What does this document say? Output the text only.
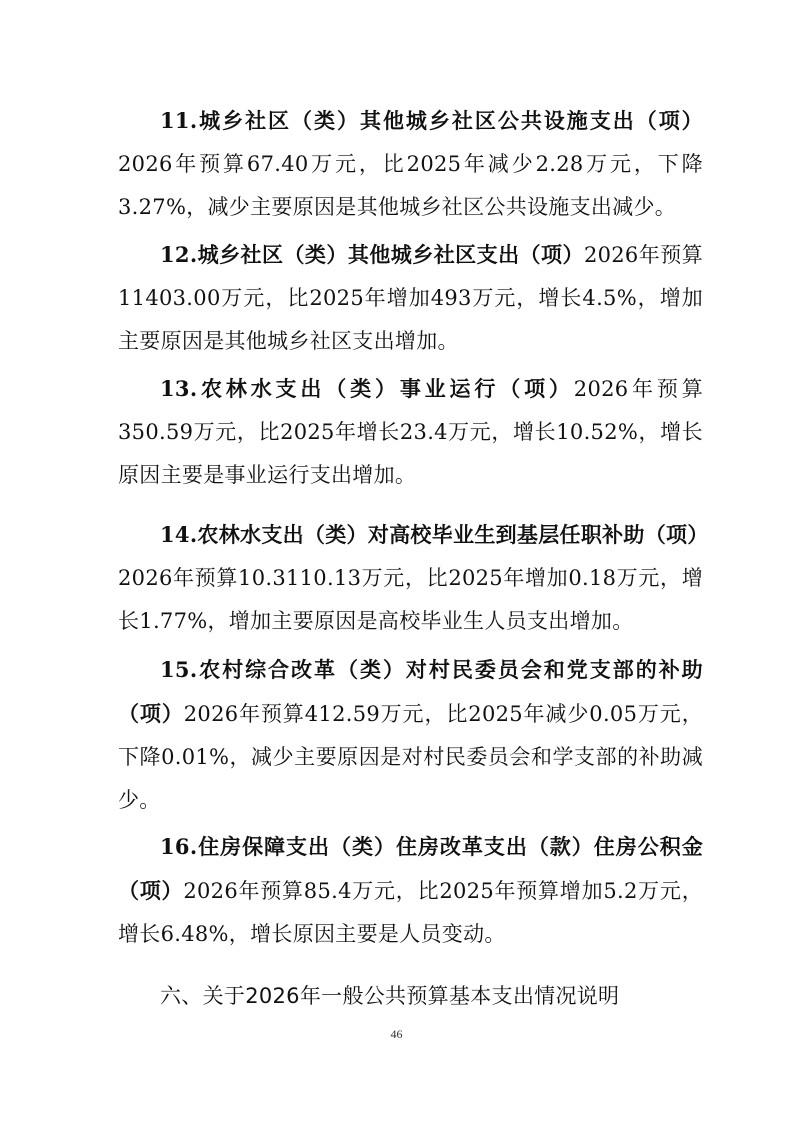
11.城乡社区（类）其他城乡社区公共设施支出（项）2026年预算67.40万元，比2025年减少2.28万元，下降3.27%，减少主要原因是其他城乡社区公共设施支出减少。

12.城乡社区（类）其他城乡社区支出（项）2026年预算11403.00万元，比2025年增加493万元，增长4.5%，增加主要原因是其他城乡社区支出增加。

13.农林水支出（类）事业运行（项）2026年预算350.59万元，比2025年增长23.4万元，增长10.52%，增长原因主要是事业运行支出增加。

14.农林水支出（类）对高校毕业生到基层任职补助（项）2026年预算10.3110.13万元，比2025年增加0.18万元，增长1.77%，增加主要原因是高校毕业生人员支出增加。

15.农村综合改革（类）对村民委员会和党支部的补助（项）2026年预算412.59万元，比2025年减少0.05万元，下降0.01%，减少主要原因是对村民委员会和学支部的补助减少。

16.住房保障支出（类）住房改革支出（款）住房公积金（项）2026年预算85.4万元，比2025年预算增加5.2万元，增长6.48%，增长原因主要是人员变动。

六、关于2026年一般公共预算基本支出情况说明
46
